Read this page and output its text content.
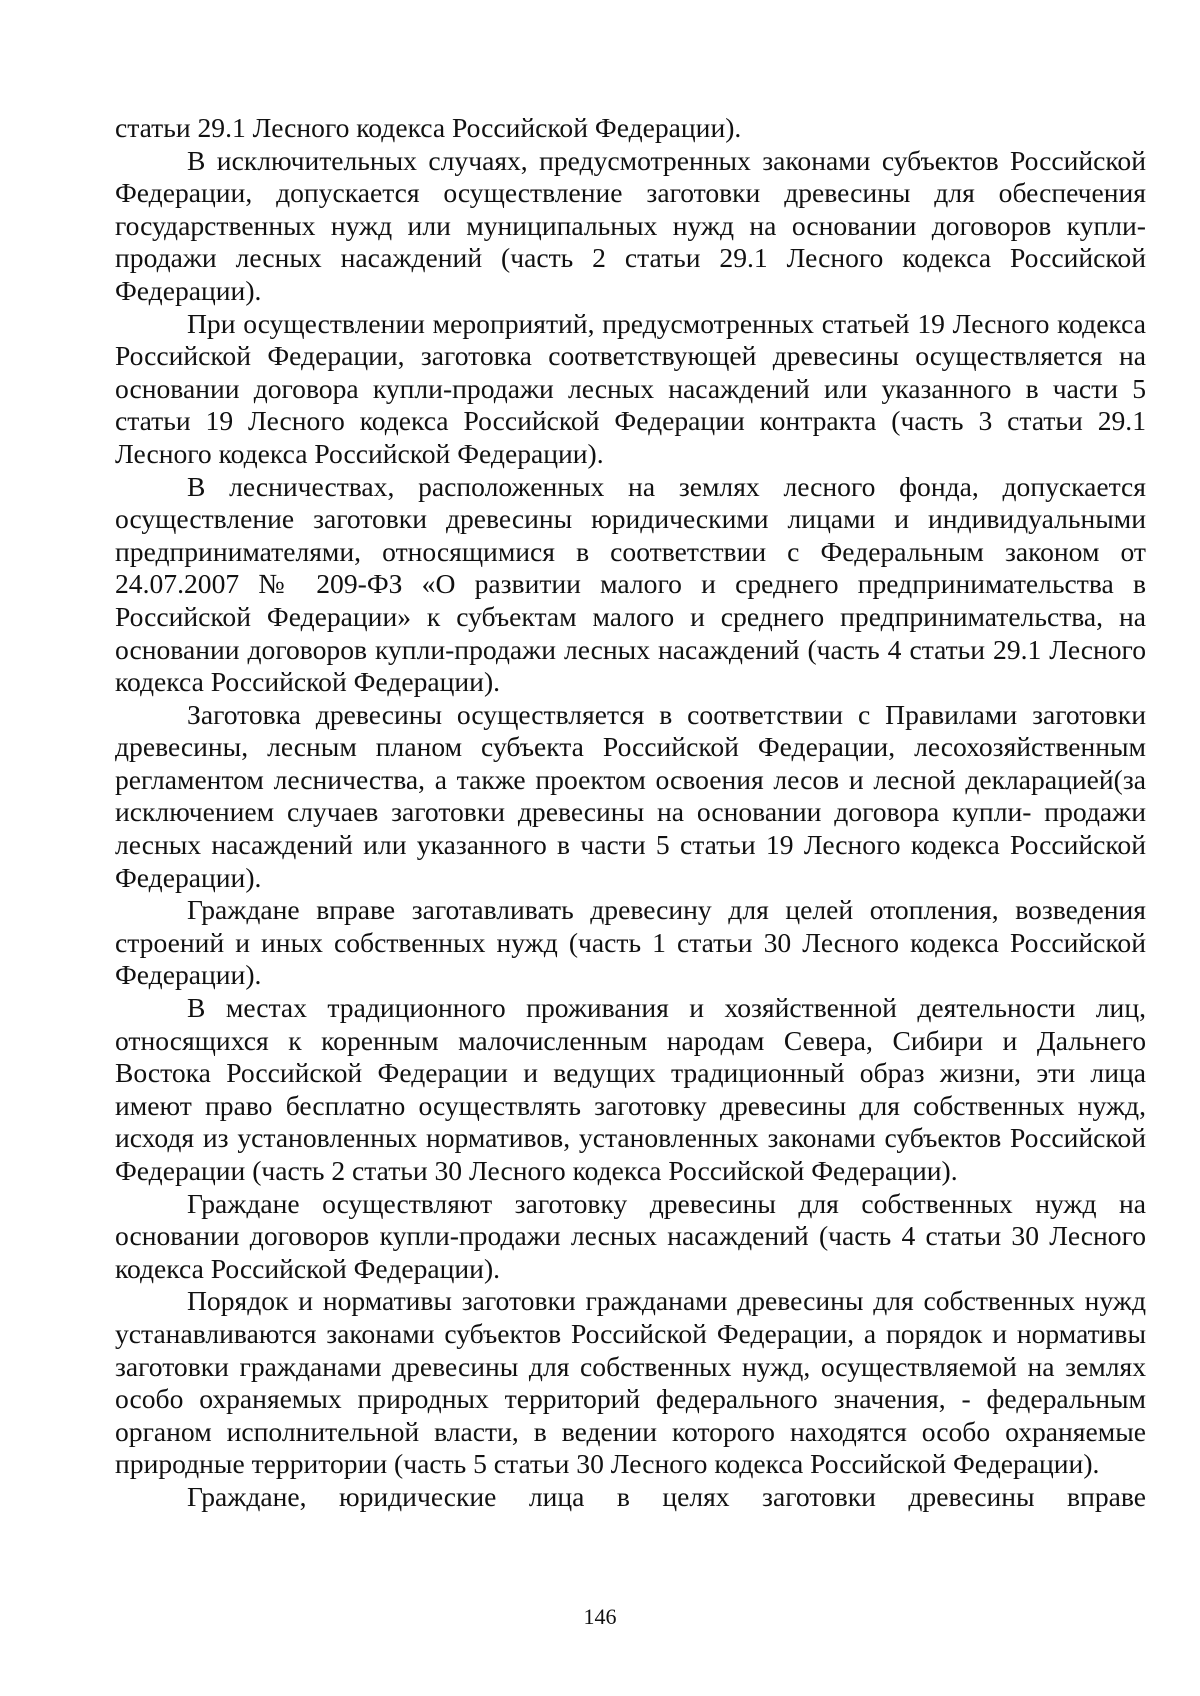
статьи 29.1 Лесного кодекса Российской Федерации).

В исключительных случаях, предусмотренных законами субъектов Российской Федерации, допускается осуществление заготовки древесины для обеспечения государственных нужд или муниципальных нужд на основании договоров купли-продажи лесных насаждений (часть 2 статьи 29.1 Лесного кодекса Российской Федерации).

При осуществлении мероприятий, предусмотренных статьей 19 Лесного кодекса Российской Федерации, заготовка соответствующей древесины осуществляется на основании договора купли-продажи лесных насаждений или указанного в части 5 статьи 19 Лесного кодекса Российской Федерации контракта (часть 3 статьи 29.1 Лесного кодекса Российской Федерации).

В лесничествах, расположенных на землях лесного фонда, допускается осуществление заготовки древесины юридическими лицами и индивидуальными предпринимателями, относящимися в соответствии с Федеральным законом от 24.07.2007 № 209-ФЗ «О развитии малого и среднего предпринимательства в Российской Федерации» к субъектам малого и среднего предпринимательства, на основании договоров купли-продажи лесных насаждений (часть 4 статьи 29.1 Лесного кодекса Российской Федерации).

Заготовка древесины осуществляется в соответствии с Правилами заготовки древесины, лесным планом субъекта Российской Федерации, лесохозяйственным регламентом лесничества, а также проектом освоения лесов и лесной декларацией(за исключением случаев заготовки древесины на основании договора купли- продажи лесных насаждений или указанного в части 5 статьи 19 Лесного кодекса Российской Федерации).

Граждане вправе заготавливать древесину для целей отопления, возведения строений и иных собственных нужд (часть 1 статьи 30 Лесного кодекса Российской Федерации).

В местах традиционного проживания и хозяйственной деятельности лиц, относящихся к коренным малочисленным народам Севера, Сибири и Дальнего Востока Российской Федерации и ведущих традиционный образ жизни, эти лица имеют право бесплатно осуществлять заготовку древесины для собственных нужд, исходя из установленных нормативов, установленных законами субъектов Российской Федерации (часть 2 статьи 30 Лесного кодекса Российской Федерации).

Граждане осуществляют заготовку древесины для собственных нужд на основании договоров купли-продажи лесных насаждений (часть 4 статьи 30 Лесного кодекса Российской Федерации).

Порядок и нормативы заготовки гражданами древесины для собственных нужд устанавливаются законами субъектов Российской Федерации, а порядок и нормативы заготовки гражданами древесины для собственных нужд, осуществляемой на землях особо охраняемых природных территорий федерального значения, - федеральным органом исполнительной власти, в ведении которого находятся особо охраняемые природные территории (часть 5 статьи 30 Лесного кодекса Российской Федерации).

Граждане, юридические лица в целях заготовки древесины вправе

146
